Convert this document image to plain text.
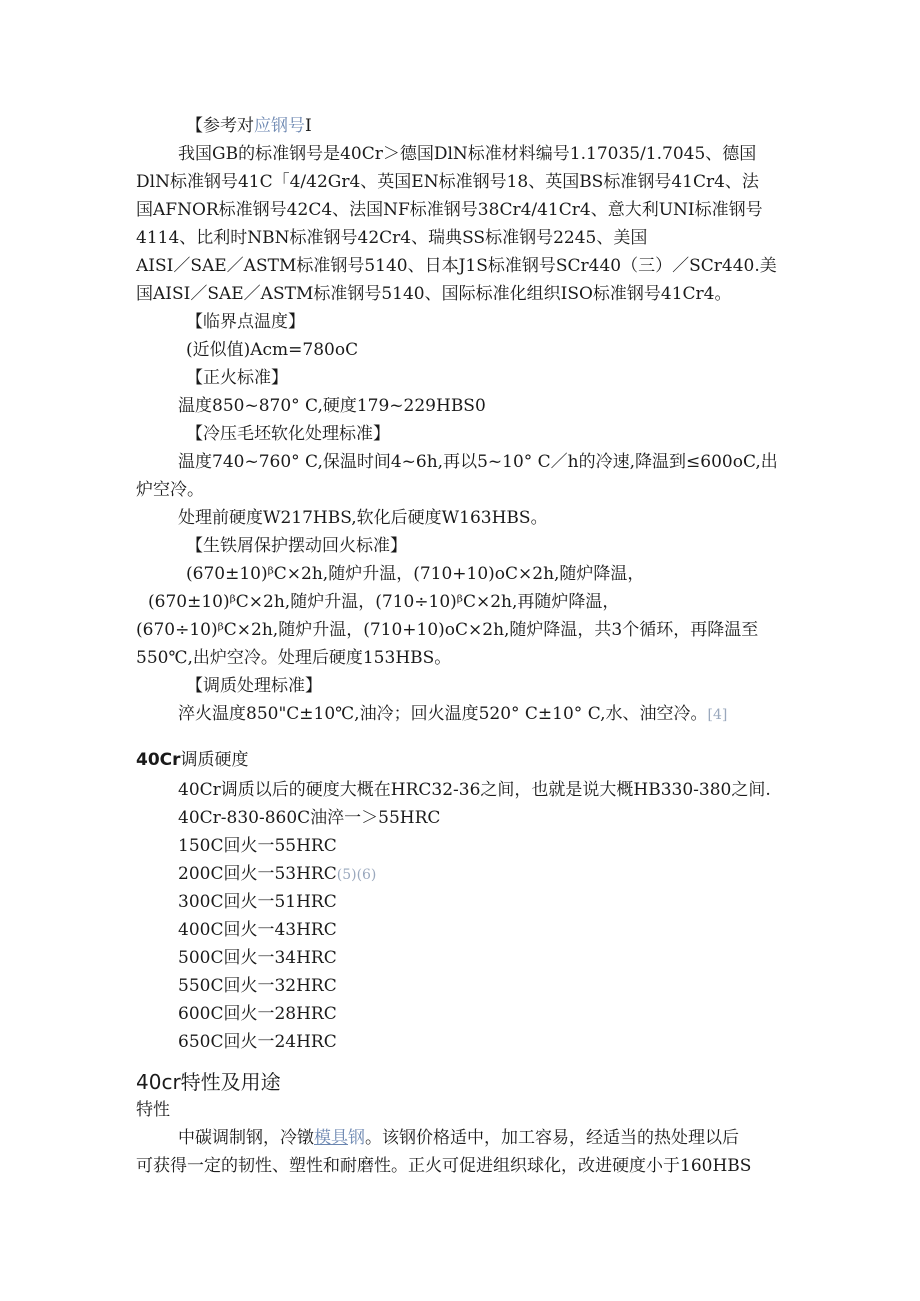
【参考对应钢号I
我国GB的标准钢号是40Cr＞德国DlN标准材料编号1.17035/1.7045、德国
DlN标准钢号41C「4/42Gr4、英国EN标准钢号18、英国BS标准钢号41Cr4、法
国AFNOR标准钢号42C4、法国NF标准钢号38Cr4/41Cr4、意大利UNI标准钢号
4114、比利时NBN标准钢号42Cr4、瑞典SS标准钢号2245、美国
AISI／SAE／ASTM标准钢号5140、日本J1S标准钢号SCr440（三）／SCr440.美
国AISI／SAE／ASTM标准钢号5140、国际标准化组织ISO标准钢号41Cr4。
【临界点温度】
(近似值)Acm=780oC
【正火标准】
温度850~870° C,硬度179~229HBS0
【冷压毛坯软化处理标准】
温度740~760° C,保温时间4~6h,再以5~10° C／h的冷速,降温到≤600oC,出
炉空冷。
处理前硬度W217HBS,软化后硬度W163HBS。
【生铁屑保护摆动回火标准】
(670±10)ᵝC×2h,随炉升温，(710+10)oC×2h,随炉降温，
(670±10)ᵝC×2h,随炉升温，(710÷10)ᵝC×2h,再随炉降温，
(670÷10)ᵝC×2h,随炉升温，(710+10)oC×2h,随炉降温，共3个循环，再降温至
550℃,出炉空冷。处理后硬度153HBS。
【调质处理标准】
淬火温度850"C±10℃,油冷；回火温度520° C±10° C,水、油空冷。[4]
40Cr调质硬度
40Cr调质以后的硬度大概在HRC32-36之间，也就是说大概HB330-380之间.
40Cr-830-860C油淬一＞55HRC
150C回火一55HRC
200C回火一53HRC(5)(6)
300C回火一51HRC
400C回火一43HRC
500C回火一34HRC
550C回火一32HRC
600C回火一28HRC
650C回火一24HRC
40cr特性及用途
特性
中碳调制钢，冷镦模具钢。该钢价格适中，加工容易，经适当的热处理以后
可获得一定的韧性、塑性和耐磨性。正火可促进组织球化，改进硬度小于160HBS
